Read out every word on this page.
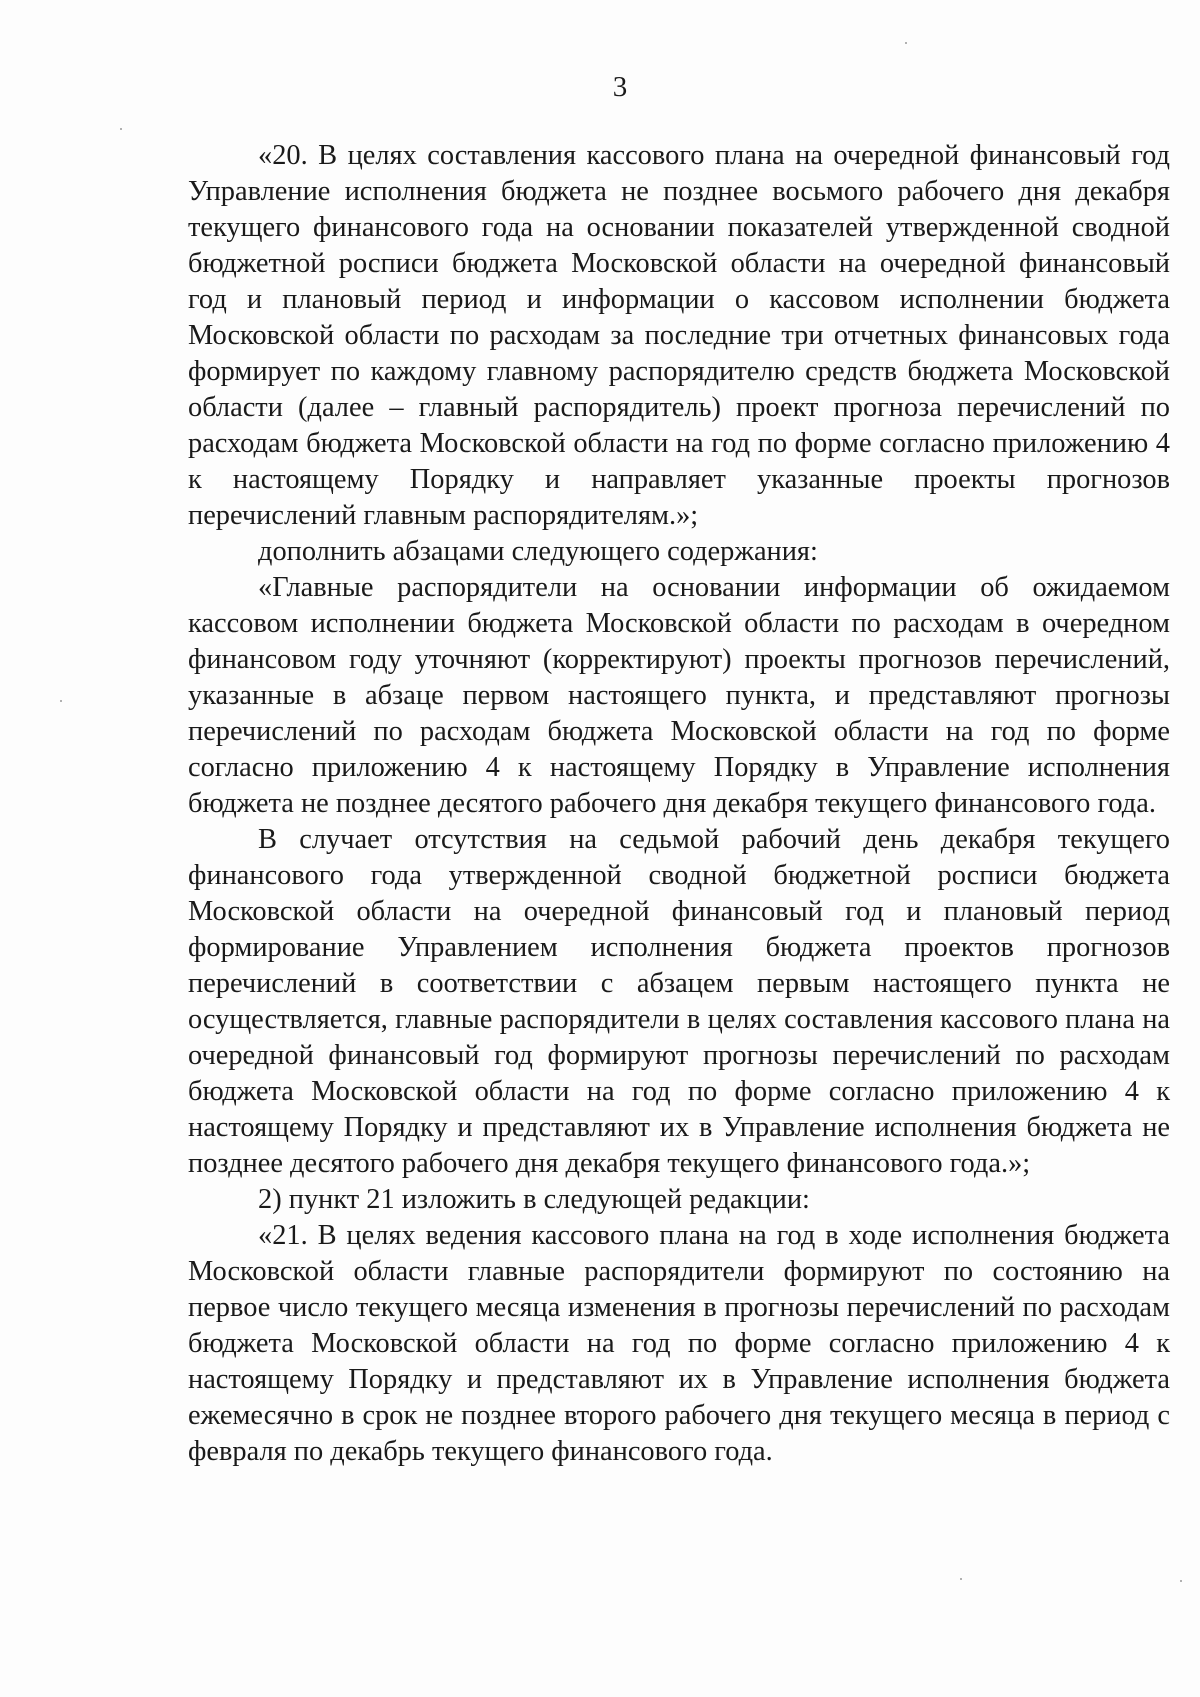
3

«20. В целях составления кассового плана на очередной финансовый год Управление исполнения бюджета не позднее восьмого рабочего дня декабря текущего финансового года на основании показателей утвержденной сводной бюджетной росписи бюджета Московской области на очередной финансовый год и плановый период и информации о кассовом исполнении бюджета Московской области по расходам за последние три отчетных финансовых года формирует по каждому главному распорядителю средств бюджета Московской области (далее – главный распорядитель) проект прогноза перечислений по расходам бюджета Московской области на год по форме согласно приложению 4 к настоящему Порядку и направляет указанные проекты прогнозов перечислений главным распорядителям.»;

дополнить абзацами следующего содержания:

«Главные распорядители на основании информации об ожидаемом кассовом исполнении бюджета Московской области по расходам в очередном финансовом году уточняют (корректируют) проекты прогнозов перечислений, указанные в абзаце первом настоящего пункта, и представляют прогнозы перечислений по расходам бюджета Московской области на год по форме согласно приложению 4 к настоящему Порядку в Управление исполнения бюджета не позднее десятого рабочего дня декабря текущего финансового года.

В случает отсутствия на седьмой рабочий день декабря текущего финансового года утвержденной сводной бюджетной росписи бюджета Московской области на очередной финансовый год и плановый период формирование Управлением исполнения бюджета проектов прогнозов перечислений в соответствии с абзацем первым настоящего пункта не осуществляется, главные распорядители в целях составления кассового плана на очередной финансовый год формируют прогнозы перечислений по расходам бюджета Московской области на год по форме согласно приложению 4 к настоящему Порядку и представляют их в Управление исполнения бюджета не позднее десятого рабочего дня декабря текущего финансового года.»;

2) пункт 21 изложить в следующей редакции:

«21. В целях ведения кассового плана на год в ходе исполнения бюджета Московской области главные распорядители формируют по состоянию на первое число текущего месяца изменения в прогнозы перечислений по расходам бюджета Московской области на год по форме согласно приложению 4 к настоящему Порядку и представляют их в Управление исполнения бюджета ежемесячно в срок не позднее второго рабочего дня текущего месяца в период с февраля по декабрь текущего финансового года.
